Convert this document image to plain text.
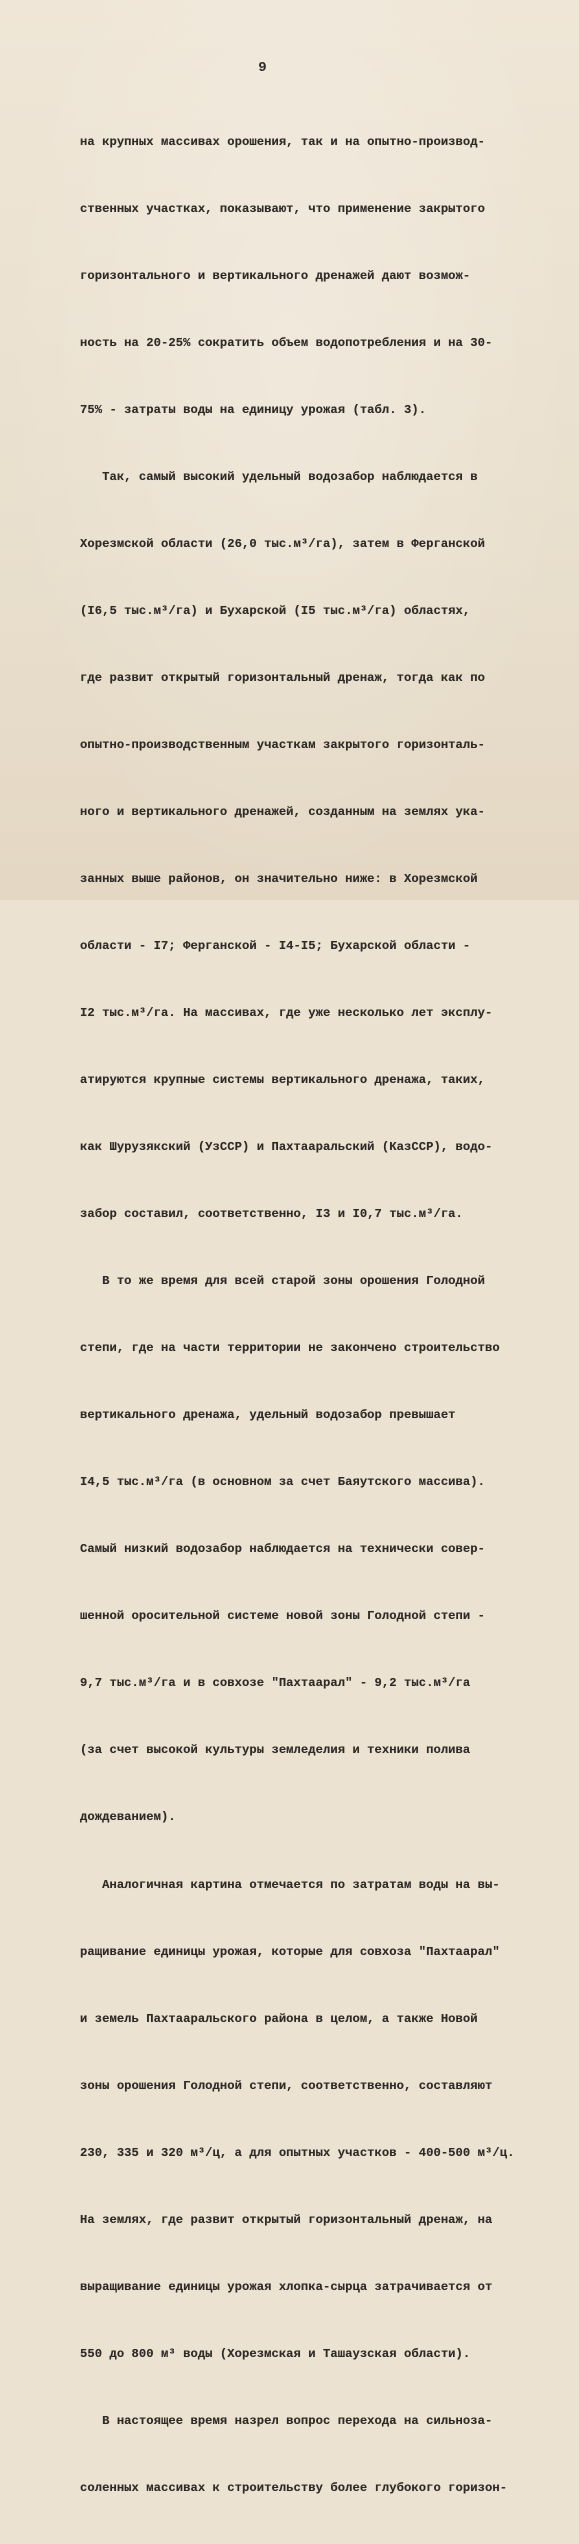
9

на крупных массивах орошения, так и на опытно-производ-

ственных участках, показывают, что применение закрытого

горизонтального и вертикального дренажей дают возмож-

ность на 20-25% сократить объем водопотребления и на 30-

75% - затраты воды на единицу урожая (табл. 3).

Так, самый высокий удельный водозабор наблюдается в

Хорезмской области (26,0 тыс.м³/га), затем в Ферганской

(I6,5 тыс.м³/га) и Бухарской (I5 тыс.м³/га) областях,

где развит открытый горизонтальный дренаж, тогда как по

опытно-производственным участкам закрытого горизонталь-

ного и вертикального дренажей, созданным на землях ука-

занных выше районов, он значительно ниже: в Хорезмской

области - I7; Ферганской - I4-I5; Бухарской области -

I2 тыс.м³/га. На массивах, где уже несколько лет эксплу-

атируются крупные системы вертикального дренажа, таких,

как Шурузякский (УзССР) и Пахтааральский (КазССР), водо-

забор составил, соответственно, I3 и I0,7 тыс.м³/га.

В то же время для всей старой зоны орошения Голодной

степи, где на части территории не закончено строительство

вертикального дренажа, удельный водозабор превышает

I4,5 тыс.м³/га (в основном за счет Баяутского массива).

Самый низкий водозабор наблюдается на технически совер-

шенной оросительной системе новой зоны Голодной степи -

9,7 тыс.м³/га и в совхозе "Пахтаарал" - 9,2 тыс.м³/га

(за счет высокой культуры земледелия и техники полива

дождеванием).

Аналогичная картина отмечается по затратам воды на вы-

ращивание единицы урожая, которые для совхоза "Пахтаарал"

и земель Пахтааральского района в целом, а также Новой

зоны орошения Голодной степи, соответственно, составляют

230, 335 и 320 м³/ц, а для опытных участков - 400-500 м³/ц.

На землях, где развит открытый горизонтальный дренаж, на

выращивание единицы урожая хлопка-сырца затрачивается от

550 до 800 м³ воды (Хорезмская и Ташаузская области).

В настоящее время назрел вопрос перехода на сильноза-

соленных массивах к строительству более глубокого горизон-
